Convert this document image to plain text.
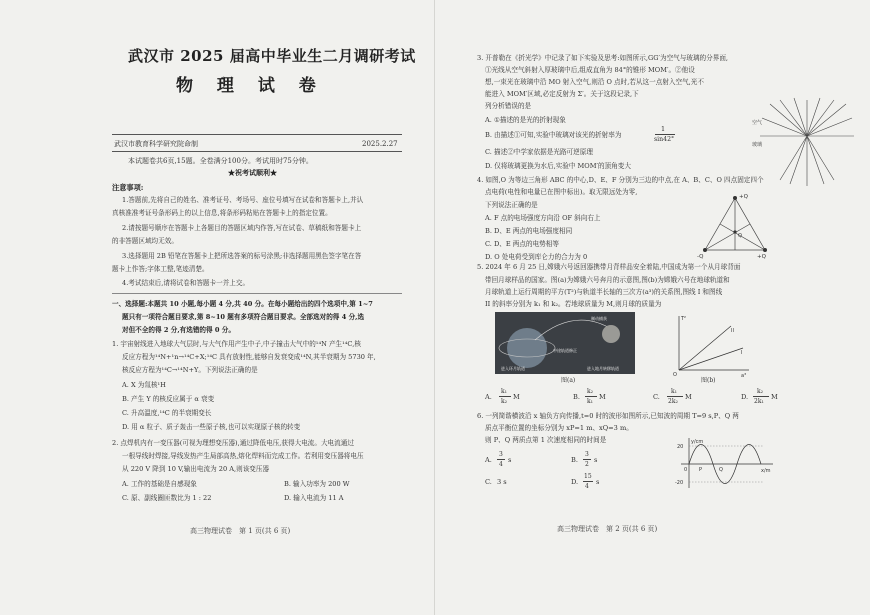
武汉市 2025 届高中毕业生二月调研考试
物 理 试 卷
武汉市教育科学研究院命制	2025.2.27
本试题卷共6页,15题。全卷满分100分。考试用时75分钟。
★祝考试顺利★
注意事项:
1.答题前,先将自己的姓名、准考证号、考场号、座位号填写在试卷和答题卡上,并认
真核准准考证号条形码上的以上信息,将条形码粘贴在答题卡上的指定位置。
2.请按题号顺序在答题卡上各题目的答题区域内作答,写在试卷、草稿纸和答题卡上
的非答题区域均无效。
3.选择题用 2B 铅笔在答题卡上把所选答案的标号涂黑;非选择题用黑色签字笔在答
题卡上作答;字体工整,笔迹清楚。
4.考试结束后,请将试卷和答题卡一并上交。
一、选择题:本题共 10 小题,每小题 4 分,共 40 分。在每小题给出的四个选项中,第 1~7
题只有一项符合题目要求,第 8~10 题有多项符合题目要求。全部选对的得 4 分,选
对但不全的得 2 分,有选错的得 0 分。
1. 宇宙射线进入地球大气层时,与大气作用产生中子,中子撞击大气中的¹⁴N 产生¹⁴C,核
反应方程为¹⁴N+¹n→¹⁴C+X;¹⁴C 具有放射性,能够自发衰变成¹⁴N,其半衰期为 5730 年,
核反应方程为¹⁴C→¹⁴N+Y。下列说法正确的是
A. X 为氚核¹H
B. 产生 Y 的核反应属于 α 衰变
C. 升高温度,¹⁴C 的半衰期变长
D. 用 α 粒子、质子轰击一些原子核,也可以实现原子核的转变
2. 点焊机内有一变压器(可视为理想变压器),通过降低电压,获得大电流。大电流通过
一根导线时焊接,导线发热产生局部高热,熔化焊料而完成工作。若利用变压器将电压
从 220 V 降到 10 V,输出电流为 20 A,则该变压器
A. 工作的基础是自感现象	B. 输入功率为 200 W
C. 原、副线圈匝数比为 1 : 22	D. 输入电流为 11 A
高三物理试卷　第 1 页(共 6 页)
3. 开普勒在《折光学》中记录了如下实验及思考:如图所示,GG′为空气与玻璃的分界面,
①光线从空气斜射入厚玻璃中后,组成直角为 84°的锥形 MOM′。②他设
想,一束光在玻璃中沿 MO 射入空气,则沿 O 点时,若从这一点射入空气,光不
能进入 MOM′区域,必定反射为 Σ′。关于这段记录,下
列分析错误的是
A. ①描述的是光的折射现象
B. 由描述①可知,实验中玻璃对该光的折射率为
1
sin42°
C. 描述②中学家依据是光路可逆原理
D. 仅将玻璃更换为水后,实验中 MOM′的顶角变大
空气
玻璃
4. 如图,O 为等边三角形 ABC 的中心,D、E、F 分别为三边的中点,在 A、B、C、O 四点固定四个
点电荷(电性和电量已在图中标出)。取无限远处为零,
下列说法正确的是
A. F 点的电场强度方向沿 OF 斜向右上
B. D、E 两点的电场强度相同
C. D、E 两点的电势相等
D. O 处电荷受到库仑力的合力为 0
+Q
-Q	+Q
Q
5. 2024 年 6 月 25 日,嫦娥六号返回器携带月背样品安全着陆,中国成为第一个从月球背面
带回月球样品的国家。图(a)为嫦娥六号奔月的示意图,图(b)为嫦娥六号在地球轨道和
月球轨道上运行周期的平方(T²)与轨道半长轴的三次方(a³)的关系图,图线 I 和图线
II 的斜率分别为 k₁ 和 k₂。若地球质量为 M,则月球的质量为
制动捕获
进入环月轨道
中途轨道修正
进入地月转移轨道
图(a)
T²
a³
II
I
O
图(b)
A.
k₁
k₂
M	B.
k₂
k₁
M	C.
k₁
2k₂
M	D.
k₂
2k₁
M
6. 一列简谐横波沿 x 轴负方向传播,t=0 时的波形如图所示,已知波的周期 T=9 s,P、Q 两
质点平衡位置的坐标分别为 xP=1 m、xQ=3 m。
则 P、Q 两质点第 1 次速度相同的时间是
A.
3
4
s	B.
3
2
s
C. 3 s	D.
15
4
s
y/cm
x/m
20
-20
0 P	Q
高三物理试卷　第 2 页(共 6 页)
